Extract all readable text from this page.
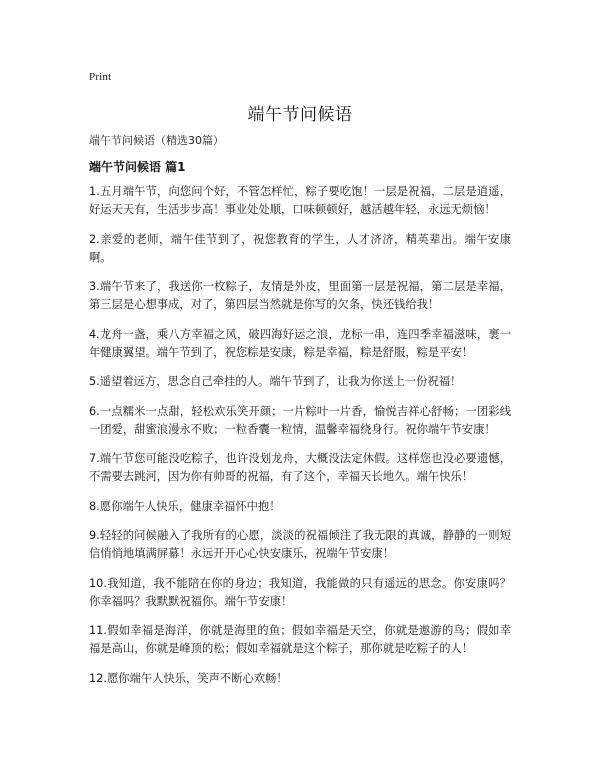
Print
端午节问候语
端午节问候语（精选30篇）
端午节问候语 篇1

1.五月端午节，向您问个好，不管怎样忙，粽子要吃饱！一层是祝福，二层是逍遥，好运天天有，生活步步高！事业处处顺，口味顿顿好，越活越年轻，永远无烦恼！

2.亲爱的老师，端午佳节到了，祝您教育的学生，人才济济，精英辈出。端午安康啊。

3.端午节来了，我送你一枚粽子，友情是外皮，里面第一层是祝福，第二层是幸福，第三层是心想事成，对了，第四层当然就是你写的欠条，快还钱给我！

4.龙舟一盏，乘八方幸福之风，破四海好运之浪，龙标一串，连四季幸福滋味，裹一年健康翼望。端午节到了，祝您粽是安康，粽是幸福，粽是舒服，粽是平安！

5.遥望着远方，思念自己牵挂的人。端午节到了，让我为你送上一份祝福！

6.一点糯米一点甜，轻松欢乐笑开颜；一片粽叶一片香，愉悦吉祥心舒畅；一团彩线一团爱，甜蜜浪漫永不败；一粒香囊一粒情，温馨幸福绕身行。祝你端午节安康！

7.端午节您可能没吃粽子，也许没划龙舟，大概没法定休假。这样您也没必要遗憾，不需要去跳河，因为你有帅哥的祝福，有了这个，幸福天长地久。端午快乐！

8.愿你端午人快乐，健康幸福怀中抱！

9.轻轻的问候融入了我所有的心愿，淡淡的祝福倾注了我无限的真诚，静静的一则短信悄悄地填满屏幕！永远开开心心快安康乐，祝端午节安康！

10.我知道，我不能陪在你的身边；我知道，我能做的只有遥远的思念。你安康吗？你幸福吗？我默默祝福你。端午节安康！

11.假如幸福是海洋，你就是海里的鱼；假如幸福是天空，你就是遨游的鸟；假如幸福是高山，你就是峰顶的松；假如幸福就是这个粽子，那你就是吃粽子的人！

12.愿你端午人快乐，笑声不断心欢畅！
